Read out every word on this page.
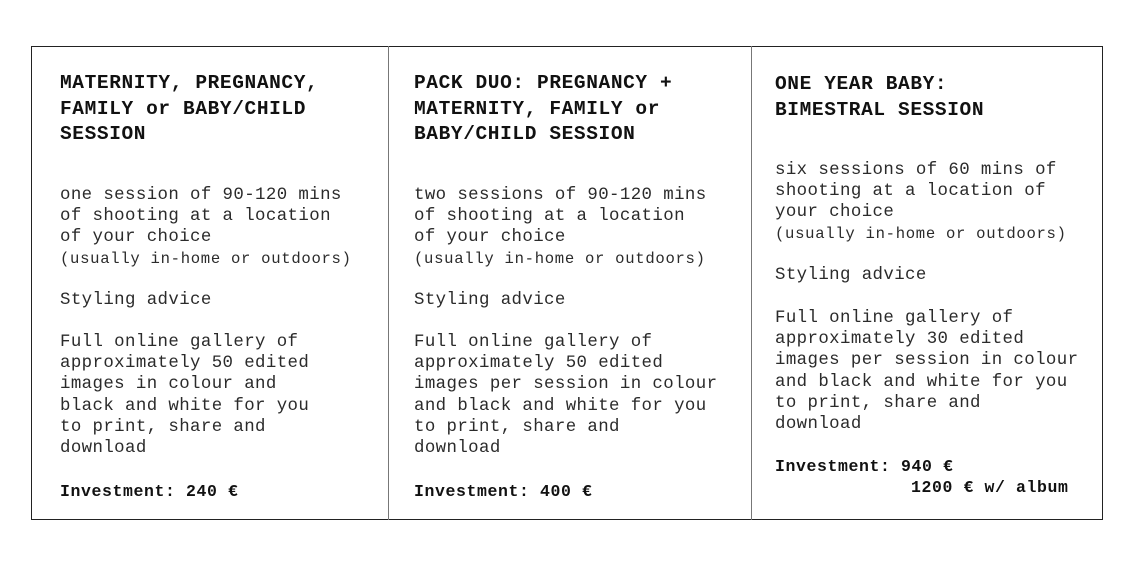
MATERNITY, PREGNANCY,
FAMILY or BABY/CHILD
SESSION
one session of 90-120 mins
of shooting at a location
of your choice
(usually in-home or outdoors)
Styling advice
Full online gallery of
approximately 50 edited
images in colour and
black and white for you
to print, share and
download
Investment: 240 €
PACK DUO: PREGNANCY +
MATERNITY, FAMILY or
BABY/CHILD SESSION
two sessions of 90-120 mins
of shooting at a location
of your choice
(usually in-home or outdoors)
Styling advice
Full online gallery of
approximately 50 edited
images per session in colour
and black and white for you
to print, share and
download
Investment: 400 €
ONE YEAR BABY:
BIMESTRAL SESSION
six sessions of 60 mins of
shooting at a location of
your choice
(usually in-home or outdoors)
Styling advice
Full online gallery of
approximately 30 edited
images per session in colour
and black and white for you
to print, share and
download
Investment: 940 €
1200 € w/ album
